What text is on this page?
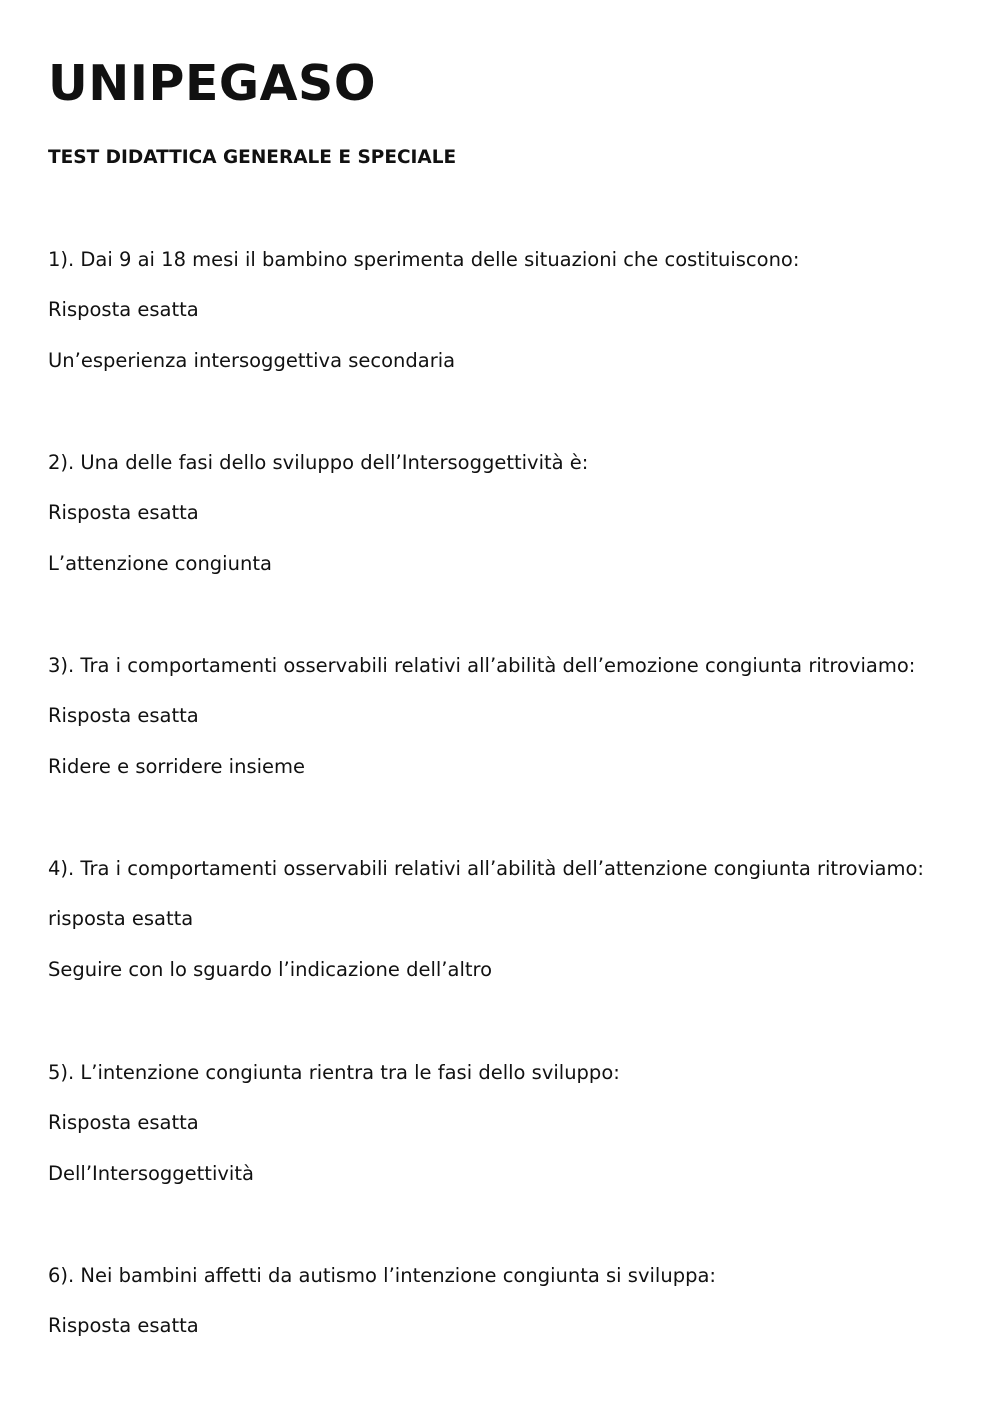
UNIPEGASO
TEST DIDATTICA GENERALE E SPECIALE

1). Dai 9 ai 18 mesi il bambino sperimenta delle situazioni che costituiscono:

Risposta esatta

Un’esperienza intersoggettiva secondaria

2). Una delle fasi dello sviluppo dell’Intersoggettività è:

Risposta esatta

L’attenzione congiunta

3). Tra i comportamenti osservabili relativi all’abilità dell’emozione congiunta ritroviamo:

Risposta esatta

Ridere e sorridere insieme

4). Tra i comportamenti osservabili relativi all’abilità dell’attenzione congiunta ritroviamo:

risposta esatta

Seguire con lo sguardo l’indicazione dell’altro

5). L’intenzione congiunta rientra tra le fasi dello sviluppo:

Risposta esatta

Dell’Intersoggettività

6). Nei bambini affetti da autismo l’intenzione congiunta si sviluppa:

Risposta esatta
